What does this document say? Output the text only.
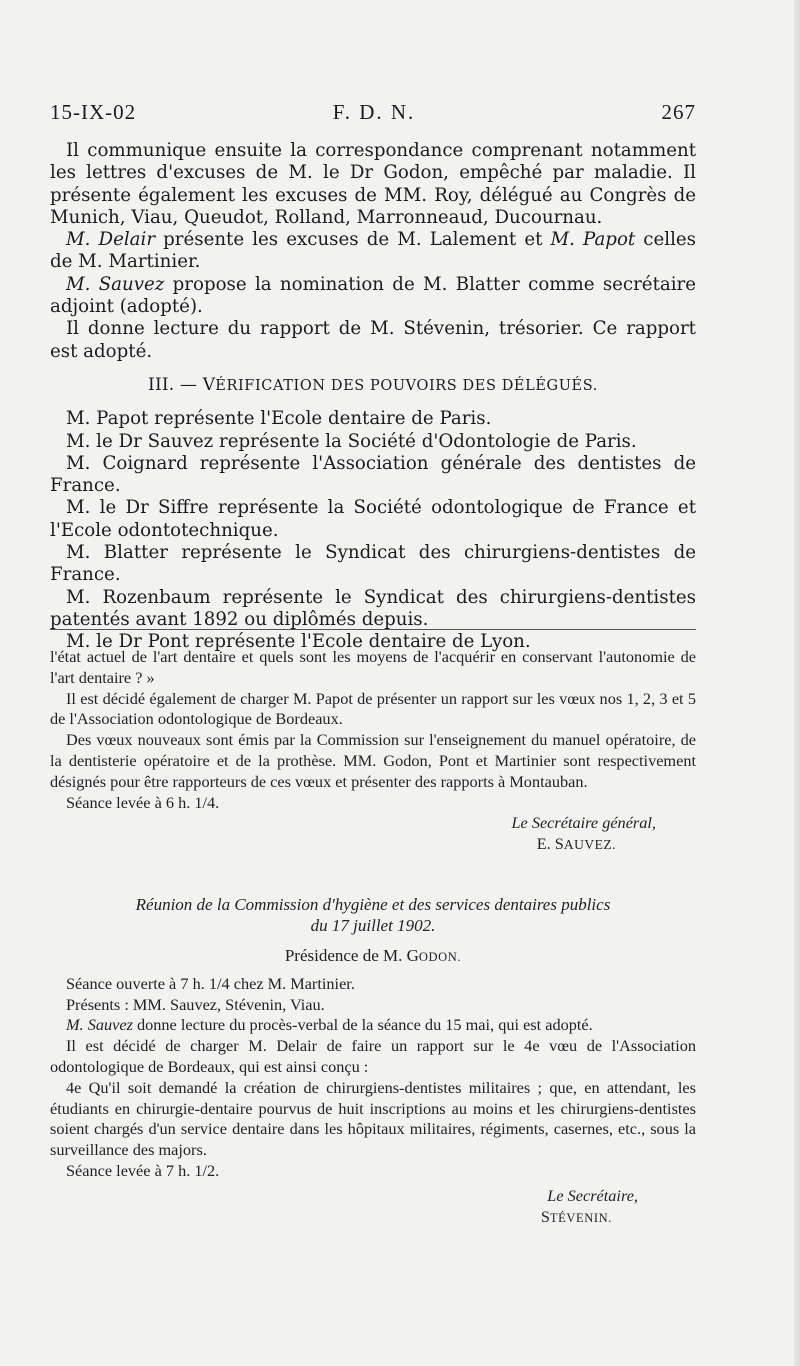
15-IX-02	F. D. N.	267

Il communique ensuite la correspondance comprenant notamment les lettres d'excuses de M. le Dr Godon, empêché par maladie. Il présente également les excuses de MM. Roy, délégué au Congrès de Munich, Viau, Queudot, Rolland, Marronneaud, Ducournau.

M. Delair présente les excuses de M. Lalement et M. Papot celles de M. Martinier.

M. Sauvez propose la nomination de M. Blatter comme secrétaire adjoint (adopté).

Il donne lecture du rapport de M. Stévenin, trésorier. Ce rapport est adopté.

III. — VÉRIFICATION DES POUVOIRS DES DÉLÉGUÉS.

M. Papot représente l'Ecole dentaire de Paris.

M. le Dr Sauvez représente la Société d'Odontologie de Paris.

M. Coignard représente l'Association générale des dentistes de France.

M. le Dr Siffre représente la Société odontologique de France et l'Ecole odontotechnique.

M. Blatter représente le Syndicat des chirurgiens-dentistes de France.

M. Rozenbaum représente le Syndicat des chirurgiens-dentistes patentés avant 1892 ou diplômés depuis.

M. le Dr Pont représente l'Ecole dentaire de Lyon.

l'état actuel de l'art dentaire et quels sont les moyens de l'acquérir en conservant l'autonomie de l'art dentaire ? »

Il est décidé également de charger M. Papot de présenter un rapport sur les vœux nos 1, 2, 3 et 5 de l'Association odontologique de Bordeaux.

Des vœux nouveaux sont émis par la Commission sur l'enseignement du manuel opératoire, de la dentisterie opératoire et de la prothèse. MM. Godon, Pont et Martinier sont respectivement désignés pour être rapporteurs de ces vœux et présenter des rapports à Montauban.

Séance levée à 6 h. 1/4.

Le Secrétaire général,

E. SAUVEZ.

Réunion de la Commission d'hygiène et des services dentaires publics
du 17 juillet 1902.

Présidence de M. GODON.

Séance ouverte à 7 h. 1/4 chez M. Martinier.

Présents : MM. Sauvez, Stévenin, Viau.

M. Sauvez donne lecture du procès-verbal de la séance du 15 mai, qui est adopté.

Il est décidé de charger M. Delair de faire un rapport sur le 4e vœu de l'Association odontologique de Bordeaux, qui est ainsi conçu :

4e Qu'il soit demandé la création de chirurgiens-dentistes militaires ; que, en attendant, les étudiants en chirurgie-dentaire pourvus de huit inscriptions au moins et les chirurgiens-dentistes soient chargés d'un service dentaire dans les hôpitaux militaires, régiments, casernes, etc., sous la surveillance des majors.

Séance levée à 7 h. 1/2.

Le Secrétaire,

STÉVENIN.
